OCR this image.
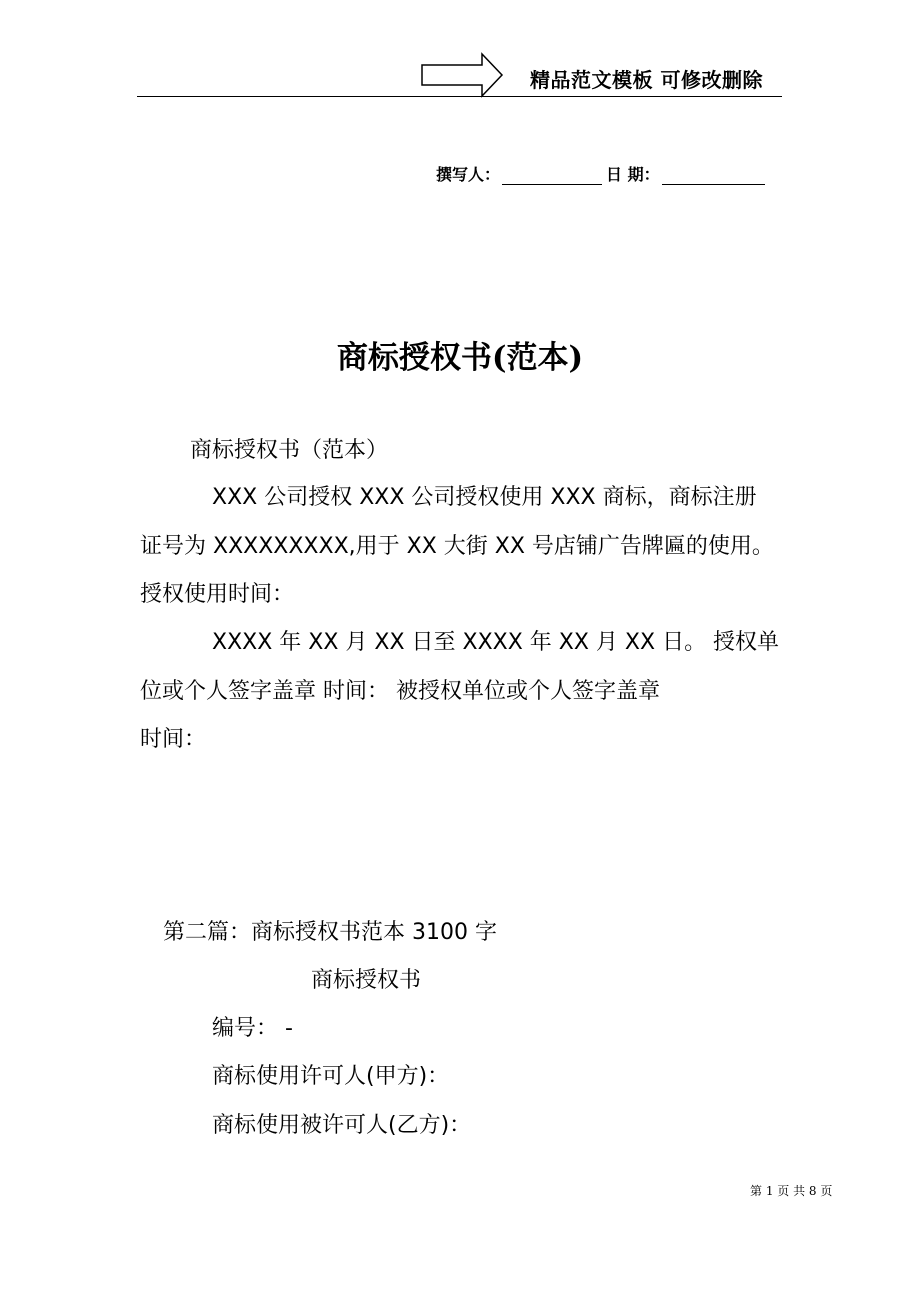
精品范文模板 可修改删除
撰写人：	日 期：
商标授权书(范本)
商标授权书（范本）
XXX 公司授权 XXX 公司授权使用 XXX 商标，商标注册
证号为 XXXXXXXXX,用于 XX 大街 XX 号店铺广告牌匾的使用。
授权使用时间：
XXXX 年 XX 月 XX 日至 XXXX 年 XX 月 XX 日。 授权单
位或个人签字盖章 时间： 被授权单位或个人签字盖章
时间：
第二篇：商标授权书范本 3100 字
商标授权书
编号： -
商标使用许可人(甲方)：
商标使用被许可人(乙方)：
第 1 页 共 8 页
